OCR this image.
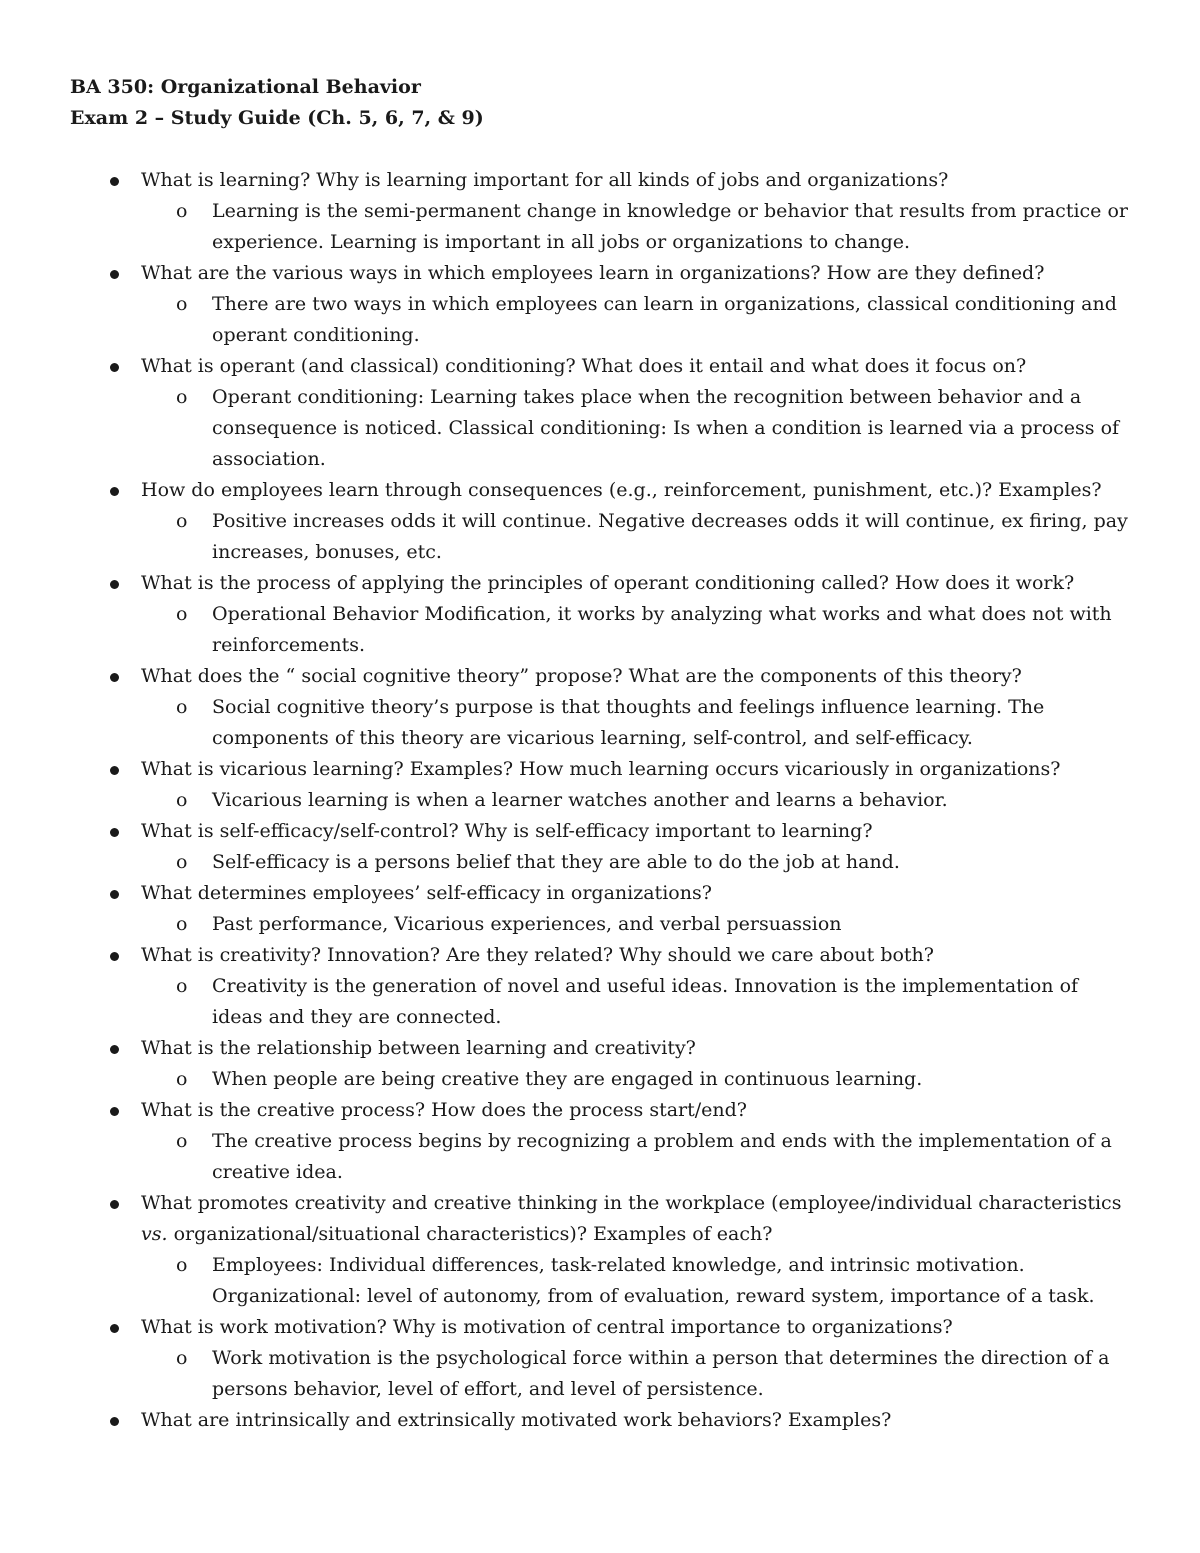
BA 350: Organizational Behavior

Exam 2 – Study Guide (Ch. 5, 6, 7, & 9)

What is learning? Why is learning important for all kinds of jobs and organizations?
o Learning is the semi-permanent change in knowledge or behavior that results from practice or experience. Learning is important in all jobs or organizations to change.
What are the various ways in which employees learn in organizations? How are they defined?
o There are two ways in which employees can learn in organizations, classical conditioning and operant conditioning.
What is operant (and classical) conditioning? What does it entail and what does it focus on?
o Operant conditioning: Learning takes place when the recognition between behavior and a consequence is noticed. Classical conditioning: Is when a condition is learned via a process of association.
How do employees learn through consequences (e.g., reinforcement, punishment, etc.)? Examples?
o Positive increases odds it will continue. Negative decreases odds it will continue, ex firing, pay increases, bonuses, etc.
What is the process of applying the principles of operant conditioning called? How does it work?
o Operational Behavior Modification, it works by analyzing what works and what does not with reinforcements.
What does the “ social cognitive theory” propose? What are the components of this theory?
o Social cognitive theory’s purpose is that thoughts and feelings influence learning. The components of this theory are vicarious learning, self-control, and self-efficacy.
What is vicarious learning? Examples? How much learning occurs vicariously in organizations?
o Vicarious learning is when a learner watches another and learns a behavior.
What is self-efficacy/self-control? Why is self-efficacy important to learning?
o Self-efficacy is a persons belief that they are able to do the job at hand.
What determines employees’ self-efficacy in organizations?
o Past performance, Vicarious experiences, and verbal persuassion
What is creativity? Innovation? Are they related? Why should we care about both?
o Creativity is the generation of novel and useful ideas. Innovation is the implementation of ideas and they are connected.
What is the relationship between learning and creativity?
o When people are being creative they are engaged in continuous learning.
What is the creative process? How does the process start/end?
o The creative process begins by recognizing a problem and ends with the implementation of a creative idea.
What promotes creativity and creative thinking in the workplace (employee/individual characteristics vs. organizational/situational characteristics)? Examples of each?
o Employees: Individual differences, task-related knowledge, and intrinsic motivation. Organizational: level of autonomy, from of evaluation, reward system, importance of a task.
What is work motivation? Why is motivation of central importance to organizations?
o Work motivation is the psychological force within a person that determines the direction of a persons behavior, level of effort, and level of persistence.
What are intrinsically and extrinsically motivated work behaviors? Examples?
